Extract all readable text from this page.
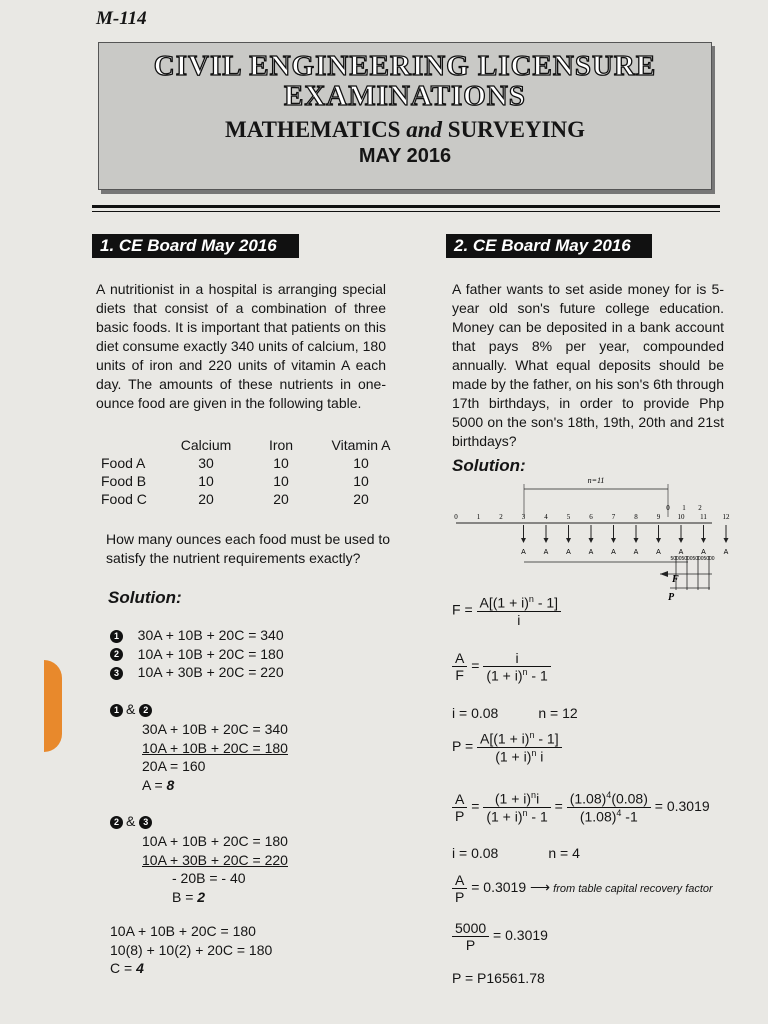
M-114
CIVIL ENGINEERING LICENSURE
EXAMINATIONS
MATHEMATICS and SURVEYING
MAY 2016
1. CE Board May 2016
A nutritionist in a hospital is arranging special diets that consist of a combination of three basic foods. It is important that patients on this diet consume exactly 340 units of calcium, 180 units of iron and 220 units of vitamin A each day. The amounts of these nutrients in one-ounce food are given in the following table.
	Calcium	Iron	Vitamin A
Food A	30	10	10
Food B	10	10	10
Food C	20	20	20
How many ounces each food must be used to satisfy the nutrient requirements exactly?
Solution:
1 30A + 10B + 20C = 340
2 10A + 10B + 20C = 180
3 10A + 30B + 20C = 220
1 & 2
30A + 10B + 20C = 340
10A + 10B + 20C = 180
20A = 160
A = 8
2 & 3
10A + 10B + 20C = 180
10A + 30B + 20C = 220
- 20B = - 40
B = 2
10A + 10B + 20C = 180
10(8) + 10(2) + 20C = 180
C = 4
2. CE Board May 2016
A father wants to set aside money for is 5-year old son's future college education. Money can be deposited in a bank account that pays 8% per year, compounded annually. What equal deposits should be made by the father, on his son's 6th through 17th birthdays, in order to provide Php 5000 on the son's 18th, 19th, 20th and 21st birthdays?
Solution:
n=11
0	1	2	3	4	5	6	7	8	9 10 11 12
0 1 2
A	A	A	A	A	A	A	A	A	A
5000 5000 5000 5000
F
P
$F = \frac{A[(1 + i)^n - 1]}{i}$
$\frac{A}{F} = \frac{i}{(1 + i)^n - 1}$
i = 0.08	n = 12
$P = \frac{A[(1 + i)^n - 1]}{(1 + i)^n i}$
$\frac{A}{P} = \frac{(1 + i)^ni}{(1 + i)^n - 1} = \frac{(1.08)^4(0.08)}{(1.08)^4 -1} = 0.3019$
i = 0.08	n = 4
$\frac{A}{P} = 0.3019$ ⟶ from table capital recovery factor
$\frac{5000}{P} = 0.3019$
P = P16561.78
